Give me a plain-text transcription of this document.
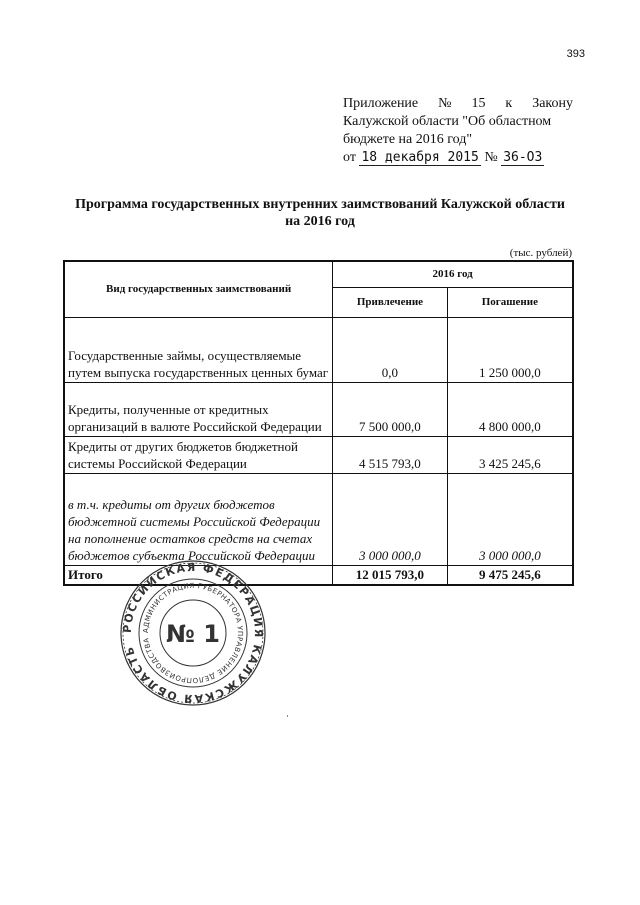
393
Приложение № 15 к Закону
Калужской области "Об областном
бюджете на 2016 год"
от 18 декабря 2015 № 36-ОЗ
Программа государственных внутренних заимствований Калужской области
на 2016 год
(тыс. рублей)
Вид государственных заимствований	2016 год	
	Привлечение	Погашение
Государственные займы, осуществляемые путем выпуска государственных ценных бумаг	0,0	1 250 000,0
Кредиты, полученные от кредитных организаций в валюте Российской Федерации	7 500 000,0	4 800 000,0
Кредиты от других бюджетов бюджетной системы Российской Федерации	4 515 793,0	3 425 245,6
в т.ч. кредиты от других бюджетов бюджетной системы Российской Федерации на пополнение остатков средств на счетах бюджетов субъекта Российской Федерации	3 000 000,0	3 000 000,0
Итого	12 015 793,0	9 475 245,6
РОССИЙСКАЯ ФЕДЕРАЦИЯ КАЛУЖСКАЯ ОБЛАСТЬ
АДМИНИСТРАЦИЯ ГУБЕРНАТОРА УПРАВЛЕНИЕ ДЕЛОПРОИЗВОДСТВА № 1
